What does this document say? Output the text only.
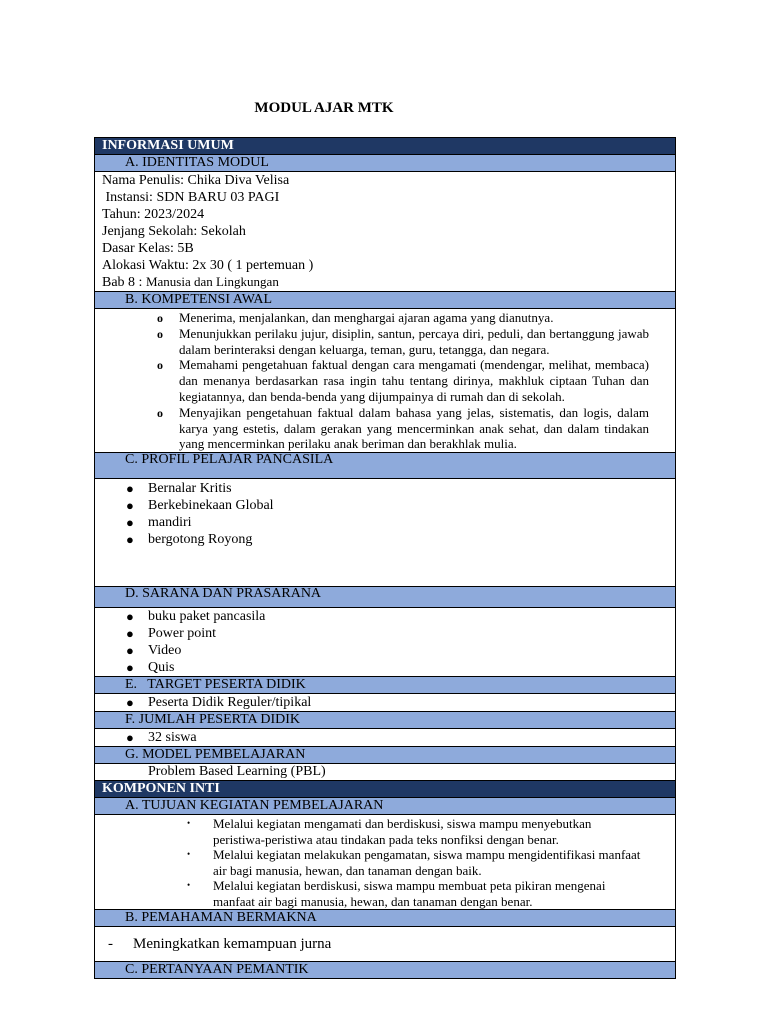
MODUL AJAR MTK
INFORMASI UMUM
A. IDENTITAS MODUL

Nama Penulis: Chika Diva Velisa
Instansi: SDN BARU 03 PAGI
Tahun: 2023/2024
Jenjang Sekolah: Sekolah
Dasar Kelas: 5B
Alokasi Waktu: 2x 30 ( 1 pertemuan )
Bab 8 : Manusia dan Lingkungan

B. KOMPETENSI AWAL

o Menerima, menjalankan, dan menghargai ajaran agama yang dianutnya.
o Menunjukkan perilaku jujur, disiplin, santun, percaya diri, peduli, dan bertanggung jawab dalam berinteraksi dengan keluarga, teman, guru, tetangga, dan negara.
o Memahami pengetahuan faktual dengan cara mengamati (mendengar, melihat, membaca) dan menanya berdasarkan rasa ingin tahu tentang dirinya, makhluk ciptaan Tuhan dan kegiatannya, dan benda-benda yang dijumpainya di rumah dan di sekolah.
o Menyajikan pengetahuan faktual dalam bahasa yang jelas, sistematis, dan logis, dalam karya yang estetis, dalam gerakan yang mencerminkan anak sehat, dan dalam tindakan yang mencerminkan perilaku anak beriman dan berakhlak mulia.

C. PROFIL PELAJAR PANCASILA

● Bernalar Kritis
● Berkebinekaan Global
● mandiri
● bergotong Royong

D. SARANA DAN PRASARANA

● buku paket pancasila
● Power point
● Video
● Quis

E.   TARGET PESERTA DIDIK

● Peserta Didik Reguler/tipikal

F. JUMLAH PESERTA DIDIK

● 32 siswa

G. MODEL PEMBELAJARAN

Problem Based Learning (PBL)

KOMPONEN INTI
A. TUJUAN KEGIATAN PEMBELAJARAN

• Melalui kegiatan mengamati dan berdiskusi, siswa mampu menyebutkan peristiwa-peristiwa atau tindakan pada teks nonfiksi dengan benar.
• Melalui kegiatan melakukan pengamatan, siswa mampu mengidentifikasi manfaat air bagi manusia, hewan, dan tanaman dengan baik.
• Melalui kegiatan berdiskusi, siswa mampu membuat peta pikiran mengenai manfaat air bagi manusia, hewan, dan tanaman dengan benar.

B. PEMAHAMAN BERMAKNA

- Meningkatkan kemampuan jurna

C. PERTANYAAN PEMANTIK
